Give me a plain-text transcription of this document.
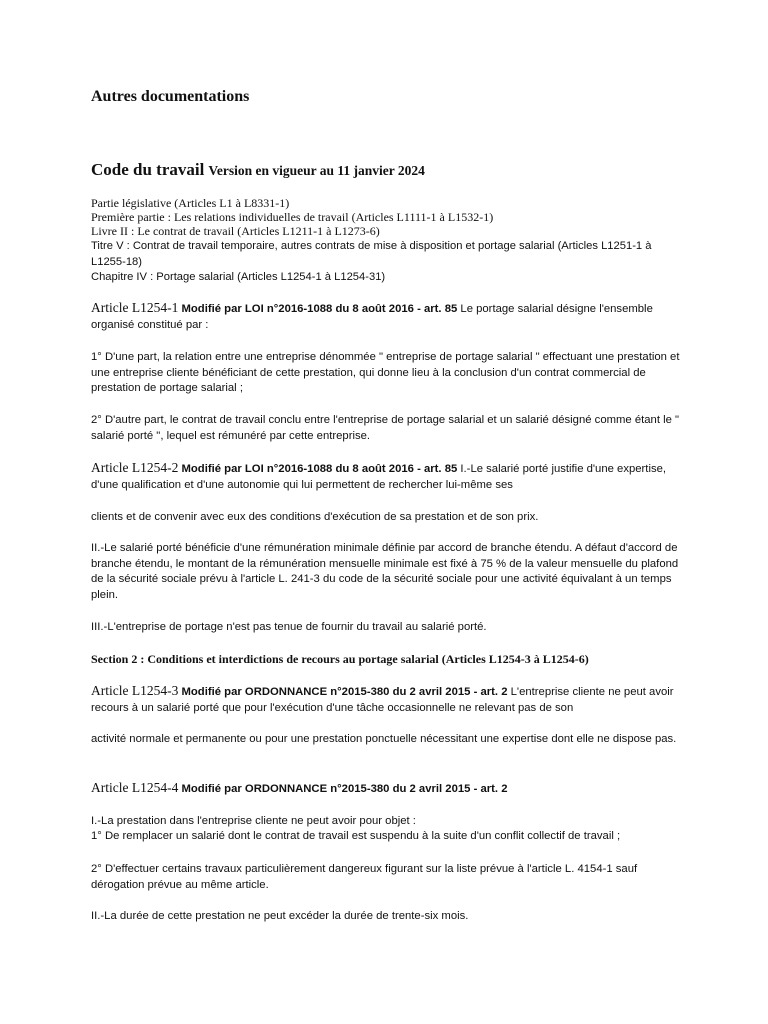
Autres documentations
Code du travail Version en vigueur au 11 janvier 2024
Partie législative (Articles L1 à L8331-1)
Première partie : Les relations individuelles de travail (Articles L1111-1 à L1532-1)
Livre II : Le contrat de travail (Articles L1211-1 à L1273-6)
Titre V : Contrat de travail temporaire, autres contrats de mise à disposition et portage salarial (Articles L1251-1 à L1255-18)
Chapitre IV : Portage salarial (Articles L1254-1 à L1254-31)
Article L1254-1 Modifié par LOI n°2016-1088 du 8 août 2016 - art. 85 Le portage salarial désigne l'ensemble organisé constitué par :

1° D'une part, la relation entre une entreprise dénommée " entreprise de portage salarial " effectuant une prestation et une entreprise cliente bénéficiant de cette prestation, qui donne lieu à la conclusion d'un contrat commercial de prestation de portage salarial ;

2° D'autre part, le contrat de travail conclu entre l'entreprise de portage salarial et un salarié désigné comme étant le " salarié porté ", lequel est rémunéré par cette entreprise.

Article L1254-2 Modifié par LOI n°2016-1088 du 8 août 2016 - art. 85 I.-Le salarié porté justifie d'une expertise, d'une qualification et d'une autonomie qui lui permettent de rechercher lui-même ses

clients et de convenir avec eux des conditions d'exécution de sa prestation et de son prix.

II.-Le salarié porté bénéficie d'une rémunération minimale définie par accord de branche étendu. A défaut d'accord de branche étendu, le montant de la rémunération mensuelle minimale est fixé à 75 % de la valeur mensuelle du plafond de la sécurité sociale prévu à l'article L. 241-3 du code de la sécurité sociale pour une activité équivalant à un temps plein.

III.-L'entreprise de portage n'est pas tenue de fournir du travail au salarié porté.

Section 2 : Conditions et interdictions de recours au portage salarial (Articles L1254-3 à L1254-6)
Article L1254-3 Modifié par ORDONNANCE n°2015-380 du 2 avril 2015 - art. 2 L'entreprise cliente ne peut avoir recours à un salarié porté que pour l'exécution d'une tâche occasionnelle ne relevant pas de son

activité normale et permanente ou pour une prestation ponctuelle nécessitant une expertise dont elle ne dispose pas.

Article L1254-4 Modifié par ORDONNANCE n°2015-380 du 2 avril 2015 - art. 2

I.-La prestation dans l'entreprise cliente ne peut avoir pour objet :

1° De remplacer un salarié dont le contrat de travail est suspendu à la suite d'un conflit collectif de travail ;

2° D'effectuer certains travaux particulièrement dangereux figurant sur la liste prévue à l'article L. 4154-1 sauf dérogation prévue au même article.

II.-La durée de cette prestation ne peut excéder la durée de trente-six mois.
